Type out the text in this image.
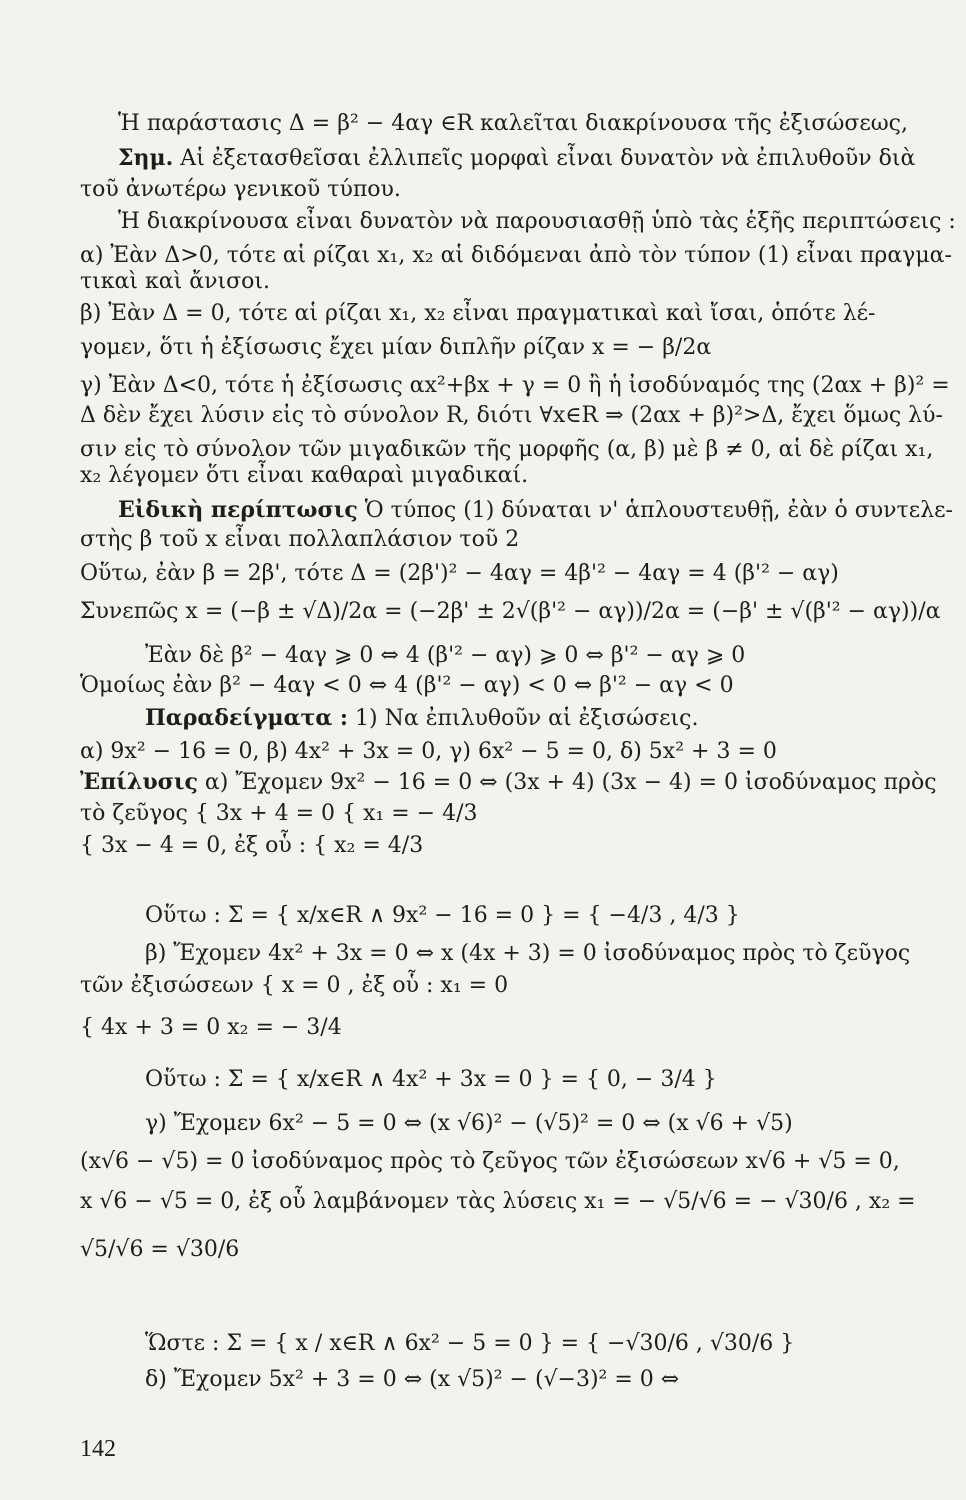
Ἡ παράστασις Δ = β² − 4αγ ∈R καλεῖται διακρίνουσα τῆς ἐξισώσεως,
Σημ. Αἱ ἐξετασθεῖσαι ἐλλιπεῖς μορφαὶ εἶναι δυνατὸν νὰ ἐπιλυθοῦν διὰ
τοῦ ἀνωτέρω γενικοῦ τύπου.
Ἡ διακρίνουσα εἶναι δυνατὸν νὰ παρουσιασθῇ ὑπὸ τὰς ἑξῆς περιπτώσεις :
α) Ἐὰν Δ>0, τότε αἱ ρίζαι x₁, x₂ αἱ διδόμεναι ἀπὸ τὸν τύπον (1) εἶναι πραγμα-
τικαὶ καὶ ἄνισοι.
β) Ἐὰν Δ = 0, τότε αἱ ρίζαι x₁, x₂ εἶναι πραγματικαὶ καὶ ἴσαι, ὁπότε λέ-
γομεν, ὅτι ἡ ἐξίσωσις ἔχει μίαν διπλῆν ρίζαν x = − β/2α
γ) Ἐὰν Δ<0, τότε ἡ ἐξίσωσις αx²+βx + γ = 0 ἢ ἡ ἰσοδύναμός της (2αx + β)² =
Δ δὲν ἔχει λύσιν εἰς τὸ σύνολον R, διότι ∀x∈R ⇒ (2αx + β)²>Δ, ἔχει ὅμως λύ-
σιν εἰς τὸ σύνολον τῶν μιγαδικῶν τῆς μορφῆς (α, β) μὲ β ≠ 0, αἱ δὲ ρίζαι x₁,
x₂ λέγομεν ὅτι εἶναι καθαραὶ μιγαδικαί.
Εἰδικὴ περίπτωσις Ὁ τύπος (1) δύναται ν' ἁπλουστευθῇ, ἐὰν ὁ συντελε-
στὴς β τοῦ x εἶναι πολλαπλάσιον τοῦ 2
Οὕτω, ἐὰν β = 2β', τότε Δ = (2β')² − 4αγ = 4β'² − 4αγ = 4 (β'² − αγ)
Συνεπῶς x = (−β ± √Δ)/2α = (−2β' ± 2√(β'² − αγ))/2α = (−β' ± √(β'² − αγ))/α
Ἐὰν δὲ β² − 4αγ ⩾ 0 ⇔ 4 (β'² − αγ) ⩾ 0 ⇔ β'² − αγ ⩾ 0
Ὁμοίως ἐὰν β² − 4αγ < 0 ⇔ 4 (β'² − αγ) < 0 ⇔ β'² − αγ < 0
Παραδείγματα : 1) Να ἐπιλυθοῦν αἱ ἐξισώσεις.
α) 9x² − 16 = 0, β) 4x² + 3x = 0, γ) 6x² − 5 = 0, δ) 5x² + 3 = 0
Ἐπίλυσις α) Ἔχομεν 9x² − 16 = 0 ⇔ (3x + 4) (3x − 4) = 0 ἰσοδύναμος πρὸς
τὸ ζεῦγος { 3x + 4 = 0 { x₁ = − 4/3
{ 3x − 4 = 0, ἐξ οὗ : { x₂ = 4/3
Οὕτω : Σ = { x/x∈R ∧ 9x² − 16 = 0 } = { −4/3 , 4/3 }
β) Ἔχομεν 4x² + 3x = 0 ⇔ x (4x + 3) = 0 ἰσοδύναμος πρὸς τὸ ζεῦγος
τῶν ἐξισώσεων { x = 0 , ἐξ οὗ : x₁ = 0
{ 4x + 3 = 0 x₂ = − 3/4
Οὕτω : Σ = { x/x∈R ∧ 4x² + 3x = 0 } = { 0, − 3/4 }
γ) Ἔχομεν 6x² − 5 = 0 ⇔ (x √6)² − (√5)² = 0 ⇔ (x √6 + √5)
(x√6 − √5) = 0 ἰσοδύναμος πρὸς τὸ ζεῦγος τῶν ἐξισώσεων x√6 + √5 = 0,
x √6 − √5 = 0, ἐξ οὗ λαμβάνομεν τὰς λύσεις x₁ = − √5/√6 = − √30/6 , x₂ =
√5/√6 = √30/6
Ὥστε : Σ = { x / x∈R ∧ 6x² − 5 = 0 } = { −√30/6 , √30/6 }
δ) Ἔχομεν 5x² + 3 = 0 ⇔ (x √5)² − (√−3)² = 0 ⇔
142
